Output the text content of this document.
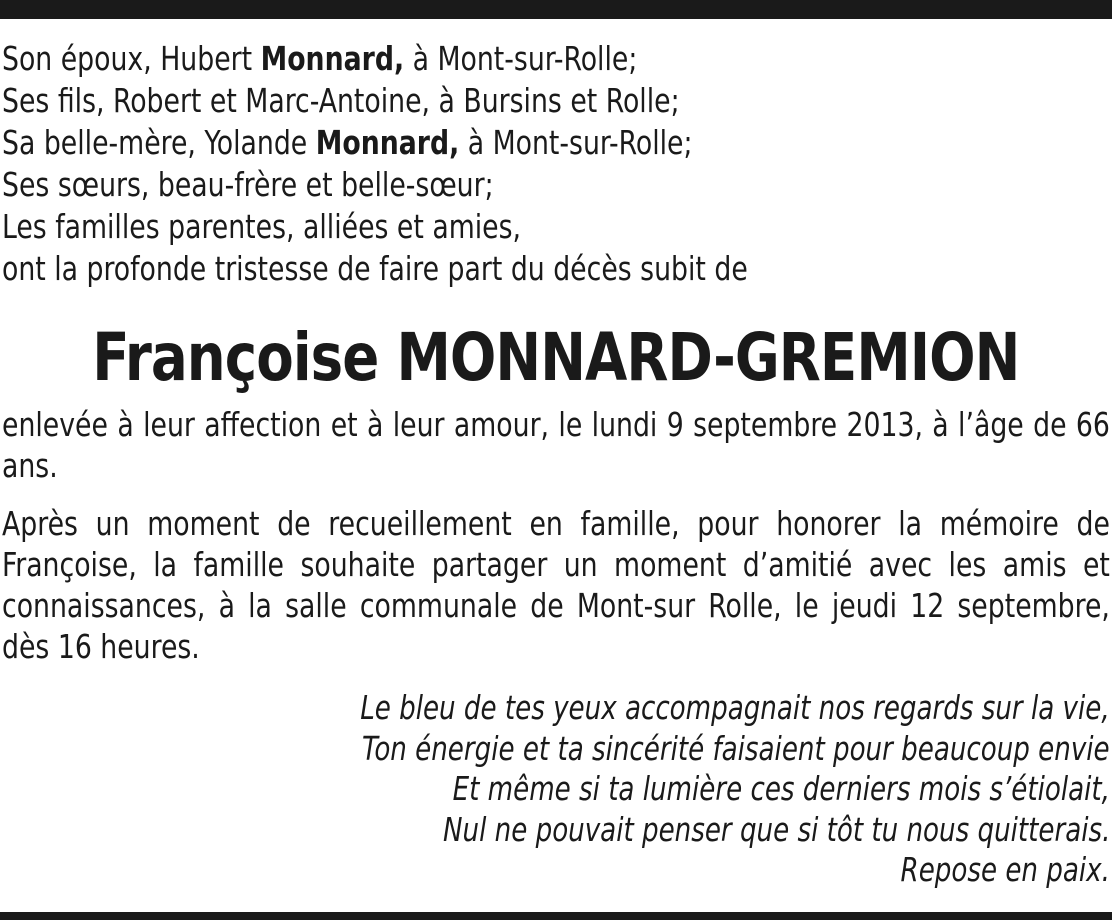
Son époux, Hubert Monnard, à Mont-sur-Rolle;
Ses fils, Robert et Marc-Antoine, à Bursins et Rolle;
Sa belle-mère, Yolande Monnard, à Mont-sur-Rolle;
Ses sœurs, beau-frère et belle-sœur;
Les familles parentes, alliées et amies,
ont la profonde tristesse de faire part du décès subit de
Françoise MONNARD-GREMION
enlevée à leur affection et à leur amour, le lundi 9 septembre 2013, à l’âge de 66 ans.
Après un moment de recueillement en famille, pour honorer la mémoire de Françoise, la famille souhaite partager un moment d’amitié avec les amis et connaissances, à la salle communale de Mont-sur Rolle, le jeudi 12 septembre, dès 16 heures.
Le bleu de tes yeux accompagnait nos regards sur la vie,
Ton énergie et ta sincérité faisaient pour beaucoup envie
Et même si ta lumière ces derniers mois s’étiolait,
Nul ne pouvait penser que si tôt tu nous quitterais.
Repose en paix.
